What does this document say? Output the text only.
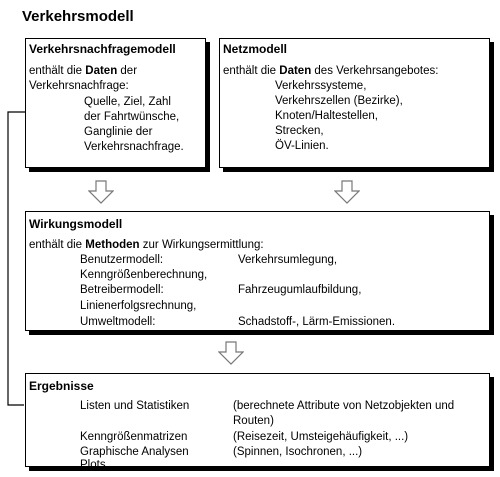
Verkehrsmodell
Verkehrsnachfragemodell
enthält die Daten der
Verkehrsnachfrage:
Quelle, Ziel, Zahl
der Fahrtwünsche,
Ganglinie der
Verkehrsnachfrage.
Netzmodell
enthält die Daten des Verkehrsangebotes:
Verkehrssysteme,
Verkehrszellen (Bezirke),
Knoten/Haltestellen,
Strecken,
ÖV-Linien.
Wirkungsmodell
enthält die Methoden zur Wirkungsermittlung:
Benutzermodell:	Verkehrsumlegung,
Kenngrößenberechnung,
Betreibermodell:	Fahrzeugumlaufbildung,
Linienerfolgsrechnung,
Umweltmodell:	Schadstoff-, Lärm-Emissionen.
Ergebnisse
Listen und Statistiken	(berechnete Attribute von Netzobjekten und
Routen)
Kenngrößenmatrizen	(Reisezeit, Umsteigehäufigkeit, ...)
Graphische Analysen	(Spinnen, Isochronen, ...)
Plots
